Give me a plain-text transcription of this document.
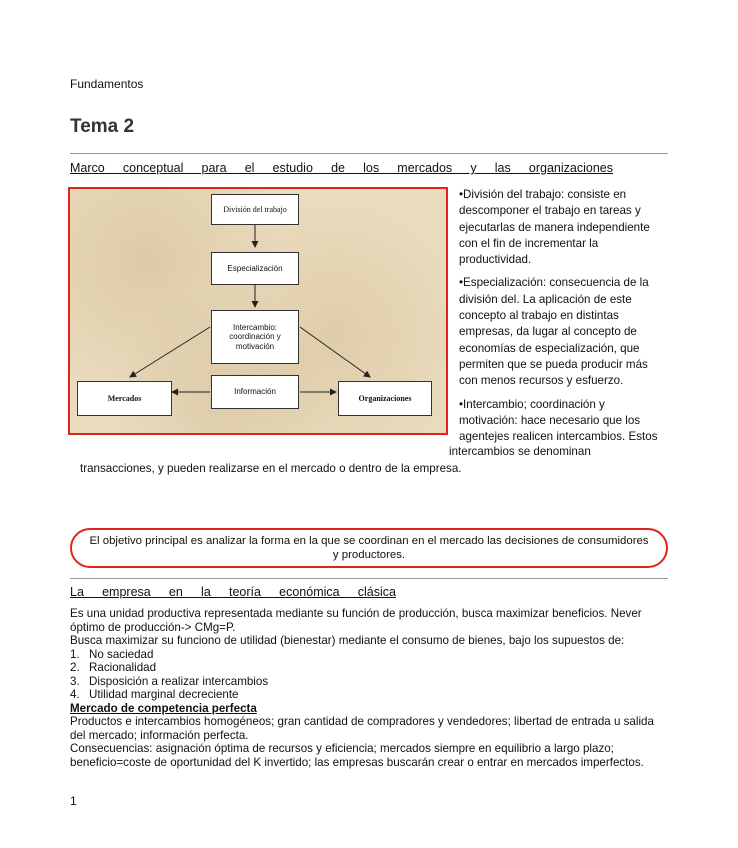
Fundamentos
Tema 2
Marco conceptual para el estudio de los mercados y las organizaciones
División del trabajo
Especialización
Intercambio: coordinación y motivación
Información
Mercados	Organizaciones

•División del trabajo: consiste en descomponer el trabajo en tareas y ejecutarlas de manera independiente con el fin de incrementar la productividad.

•Especialización: consecuencia de la división del. La aplicación de este concepto al trabajo en distintas empresas, da lugar al concepto de economías de especialización, que permiten que se pueda producir más con menos recursos y esfuerzo.

•Intercambio; coordinación y motivación: hace necesario que los agentejes realicen intercambios. Estos

intercambios se denominan
transacciones, y pueden realizarse en el mercado o dentro de la empresa.
El objetivo principal es analizar la forma en la que se coordinan en el mercado las decisiones de consumidores y productores.
La empresa en la teoría económica clásica
Es una unidad productiva representada mediante su función de producción, busca maximizar beneficios. Never
óptimo de producción-> CMg=P.
Busca maximizar su funciono de utilidad (bienestar) mediante el consumo de bienes, bajo los supuestos de:
1. No saciedad
2. Racionalidad
3. Disposición a realizar intercambios
4. Utilidad marginal decreciente
Mercado de competencia perfecta
Productos e intercambios homogéneos; gran cantidad de compradores y vendedores; libertad de entrada u salida
del mercado; información perfecta.
Consecuencias: asignación óptima de recursos y eficiencia; mercados siempre en equilibrio a largo plazo;
beneficio=coste de oportunidad del K invertido; las empresas buscarán crear o entrar en mercados imperfectos.
1
